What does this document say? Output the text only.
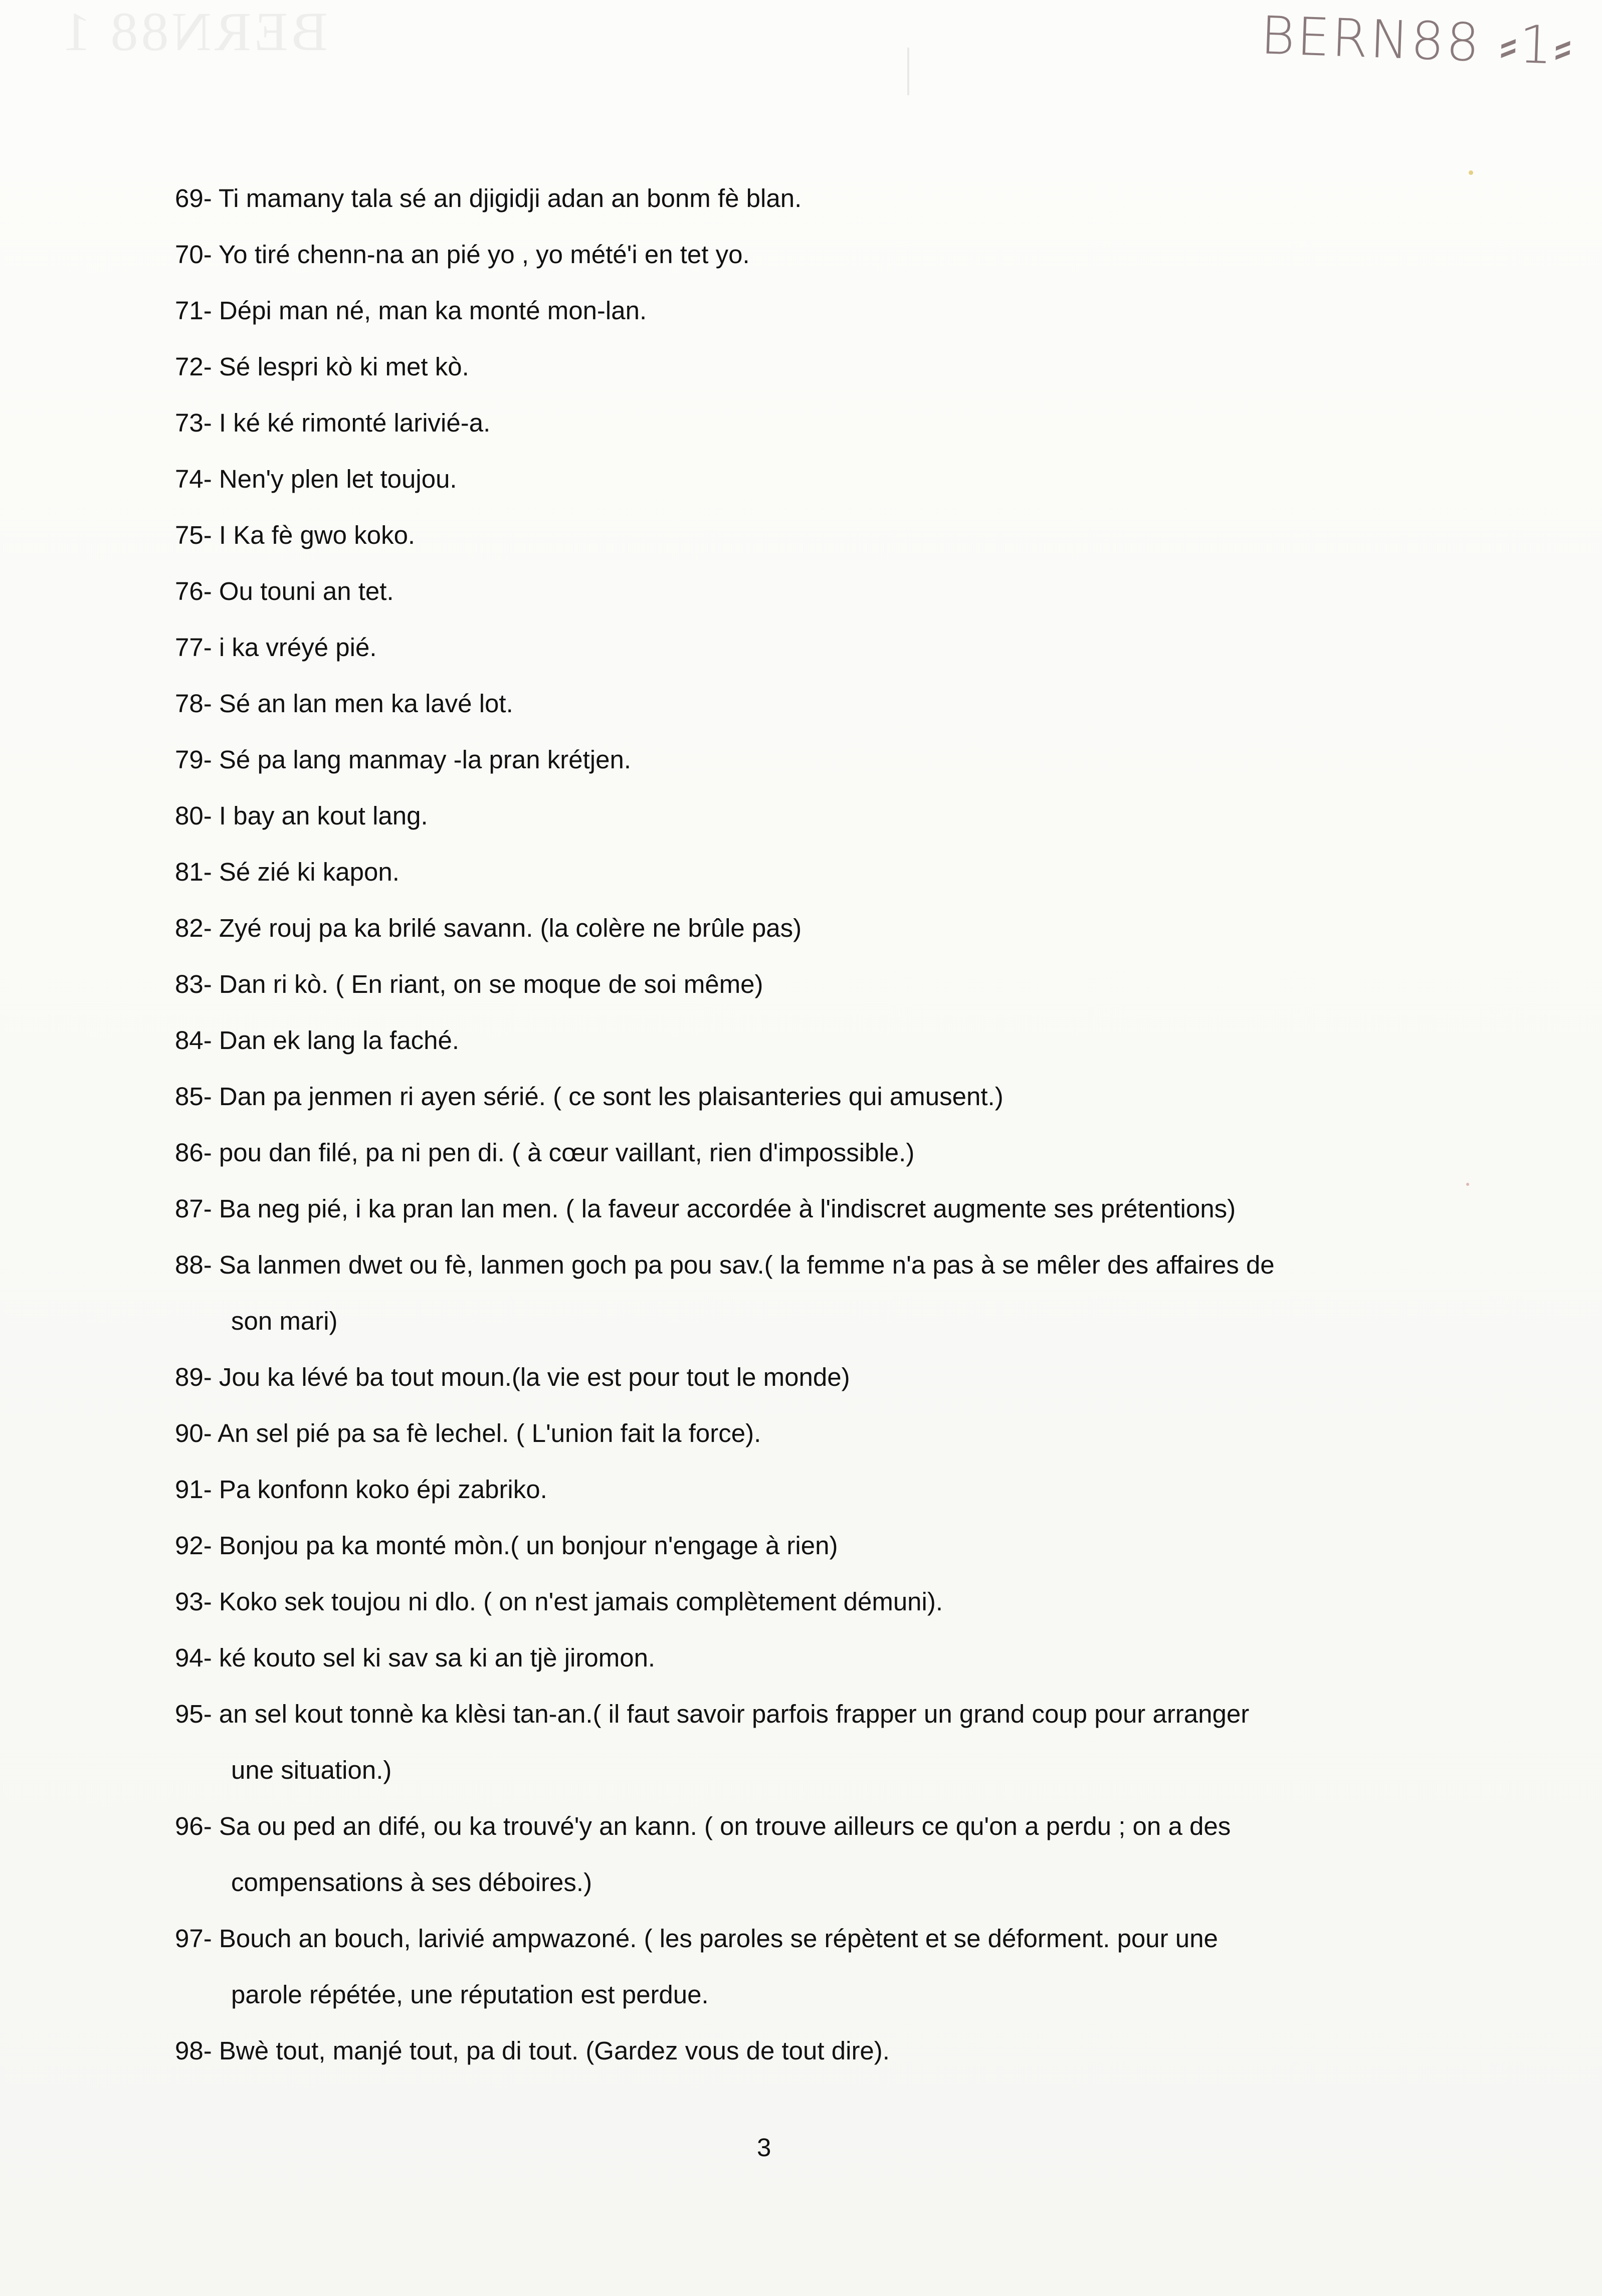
BERN88 1	BERN88 ⸗1⸗
69- Ti mamany tala sé an djigidji adan an bonm fè blan.
70- Yo tiré chenn-na an pié yo , yo mété'i en tet yo.
71- Dépi man né, man ka monté mon-lan.
72- Sé lespri kò ki met kò.
73- I ké ké rimonté larivié-a.
74- Nen'y plen let toujou.
75- I Ka fè gwo koko.
76- Ou touni an tet.
77- i ka vréyé pié.
78- Sé an lan men ka lavé lot.
79- Sé pa lang manmay -la pran krétjen.
80- I bay an kout lang.
81- Sé zié ki kapon.
82- Zyé rouj pa ka brilé savann. (la colère ne brûle pas)
83- Dan ri kò. ( En riant, on se moque de soi même)
84- Dan ek lang la faché.
85- Dan pa jenmen ri ayen sérié. ( ce sont les plaisanteries qui amusent.)
86- pou dan filé, pa ni pen di. ( à cœur vaillant, rien d'impossible.)
87- Ba neg pié, i ka pran lan men. ( la faveur accordée à l'indiscret augmente ses prétentions)
88- Sa lanmen dwet ou fè, lanmen goch pa pou sav.( la femme n'a pas à se mêler des affaires de
son mari)
89- Jou ka lévé ba tout moun.(la vie est pour tout le monde)
90- An sel pié pa sa fè lechel. ( L'union fait la force).
91- Pa konfonn koko épi zabriko.
92- Bonjou pa ka monté mòn.( un bonjour n'engage à rien)
93- Koko sek toujou ni dlo. ( on n'est jamais complètement démuni).
94- ké kouto sel ki sav sa ki an tjè jiromon.
95- an sel kout tonnè ka klèsi tan-an.( il faut savoir parfois frapper un grand coup pour arranger
une situation.)
96- Sa ou ped an difé, ou ka trouvé'y an kann. ( on trouve ailleurs ce qu'on a perdu ; on a des
compensations à ses déboires.)
97- Bouch an bouch, larivié ampwazoné. ( les paroles se répètent et se déforment. pour une
parole répétée, une réputation est perdue.
98- Bwè tout, manjé tout, pa di tout. (Gardez vous de tout dire).
3
